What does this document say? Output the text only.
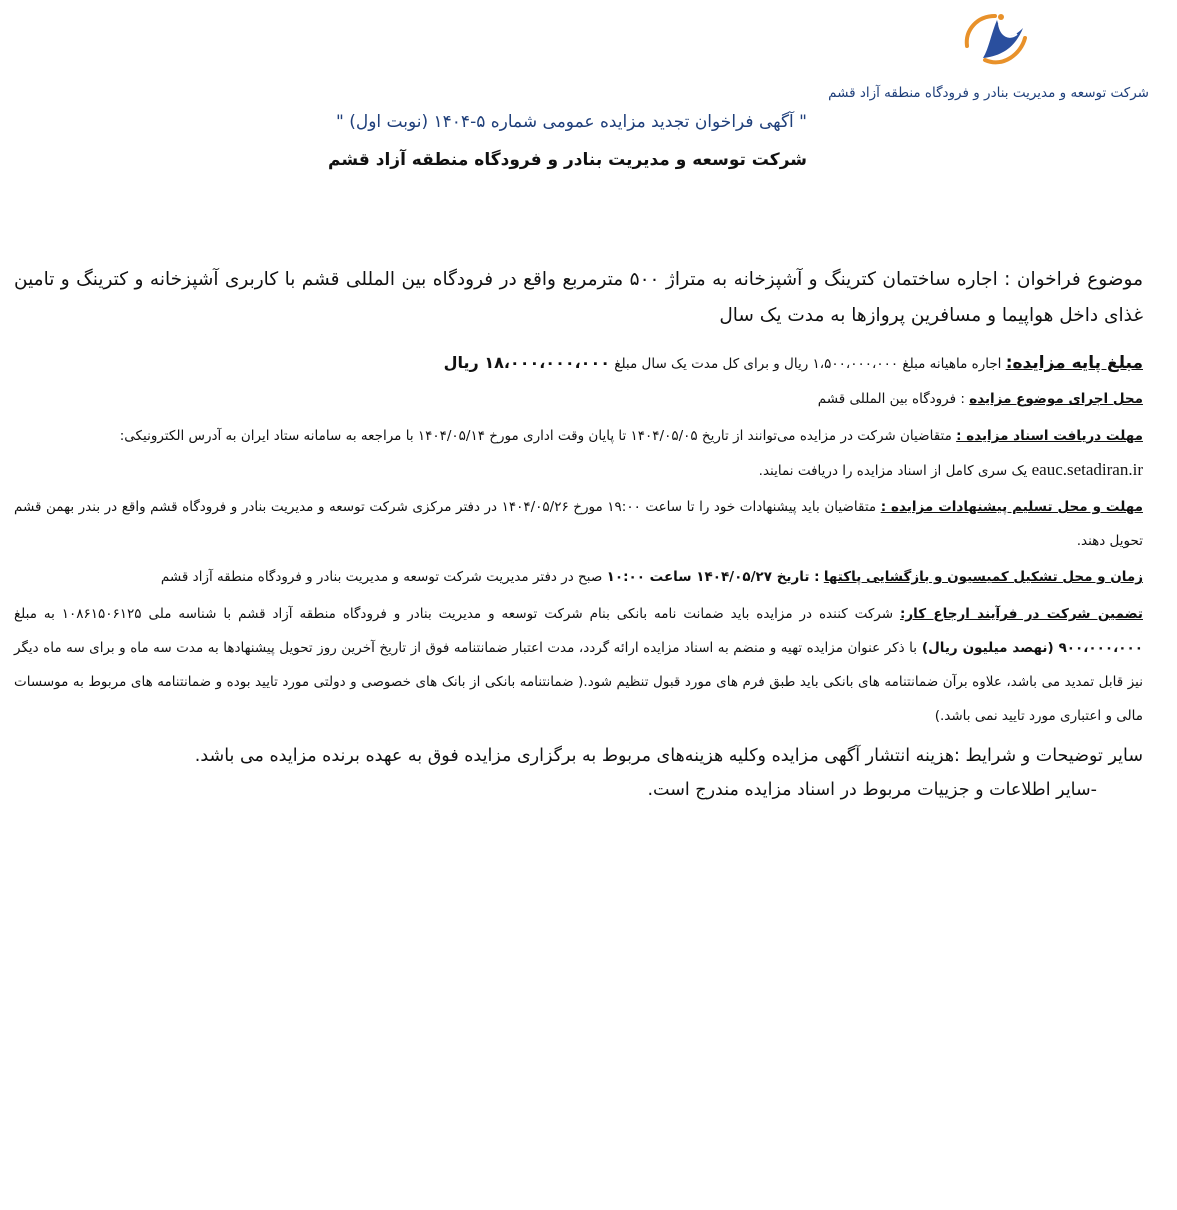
شرکت توسعه و مدیریت بنادر و فرودگاه منطقه آزاد قشم
" آگهی فراخوان تجدید مزایده عمومی شماره ۵-۱۴۰۴ (نوبت اول) "
شرکت توسعه و مدیریت بنادر و فرودگاه منطقه آزاد قشم
موضوع فراخوان : اجاره ساختمان کترینگ و آشپزخانه به متراژ ۵۰۰ مترمربع واقع در فرودگاه بین المللی قشم با کاربری آشپزخانه و کترینگ و تامین غذای داخل هواپیما و مسافرین پروازها به مدت یک سال
مبلغ پایه مزایده: اجاره ماهیانه مبلغ ۱،۵۰۰،۰۰۰،۰۰۰ ریال و برای کل مدت یک سال مبلغ ۱۸،۰۰۰،۰۰۰،۰۰۰ ریال
محل اجرای موضوع مزایده : فرودگاه بین المللی قشم
مهلت دریافت اسناد مزایده : متقاضیان شرکت در مزایده می‌توانند از تاریخ ۱۴۰۴/۰۵/۰۵ تا پایان وقت اداری مورخ ۱۴۰۴/۰۵/۱۴ با مراجعه به سامانه ستاد ایران به آدرس الکترونیکی:
eauc.setadiran.ir یک سری کامل از اسناد مزایده را دریافت نمایند.
مهلت و محل تسلیم پیشنهادات مزایده : متقاضیان باید پیشنهادات خود را تا ساعت ۱۹:۰۰ مورخ ۱۴۰۴/۰۵/۲۶ در دفتر مرکزی شرکت توسعه و مدیریت بنادر و فرودگاه قشم واقع در بندر بهمن قشم تحویل دهند.
زمان و محل تشکیل کمیسیون و بازگشایی پاکتها : تاریخ ۱۴۰۴/۰۵/۲۷ ساعت ۱۰:۰۰ صبح در دفتر مدیریت شرکت توسعه و مدیریت بنادر و فرودگاه منطقه آزاد قشم
تضمین شرکت در فرآیند ارجاع کار: شرکت کننده در مزایده باید ضمانت نامه بانکی بنام شرکت توسعه و مدیریت بنادر و فرودگاه منطقه آزاد قشم با شناسه ملی ۱۰۸۶۱۵۰۶۱۲۵ به مبلغ ۹۰۰،۰۰۰،۰۰۰ (نهصد میلیون ریال) با ذکر عنوان مزایده تهیه و منضم به اسناد مزایده ارائه گردد، مدت اعتبار ضمانتنامه فوق از تاریخ آخرین روز تحویل پیشنهادها به مدت سه ماه و برای سه ماه دیگر نیز قابل تمدید می باشد، علاوه برآن ضمانتنامه های بانکی باید طبق فرم های مورد قبول تنظیم شود.( ضمانتنامه بانکی از بانک های خصوصی و دولتی مورد تایید بوده و ضمانتنامه های مربوط به موسسات مالی و اعتباری مورد تایید نمی باشد.)
سایر توضیحات و شرایط :هزینه انتشار آگهی مزایده وکلیه هزینه‌های مربوط به برگزاری مزایده فوق به عهده برنده مزایده می باشد.
-سایر اطلاعات و جزییات مربوط در اسناد مزایده مندرج است.
